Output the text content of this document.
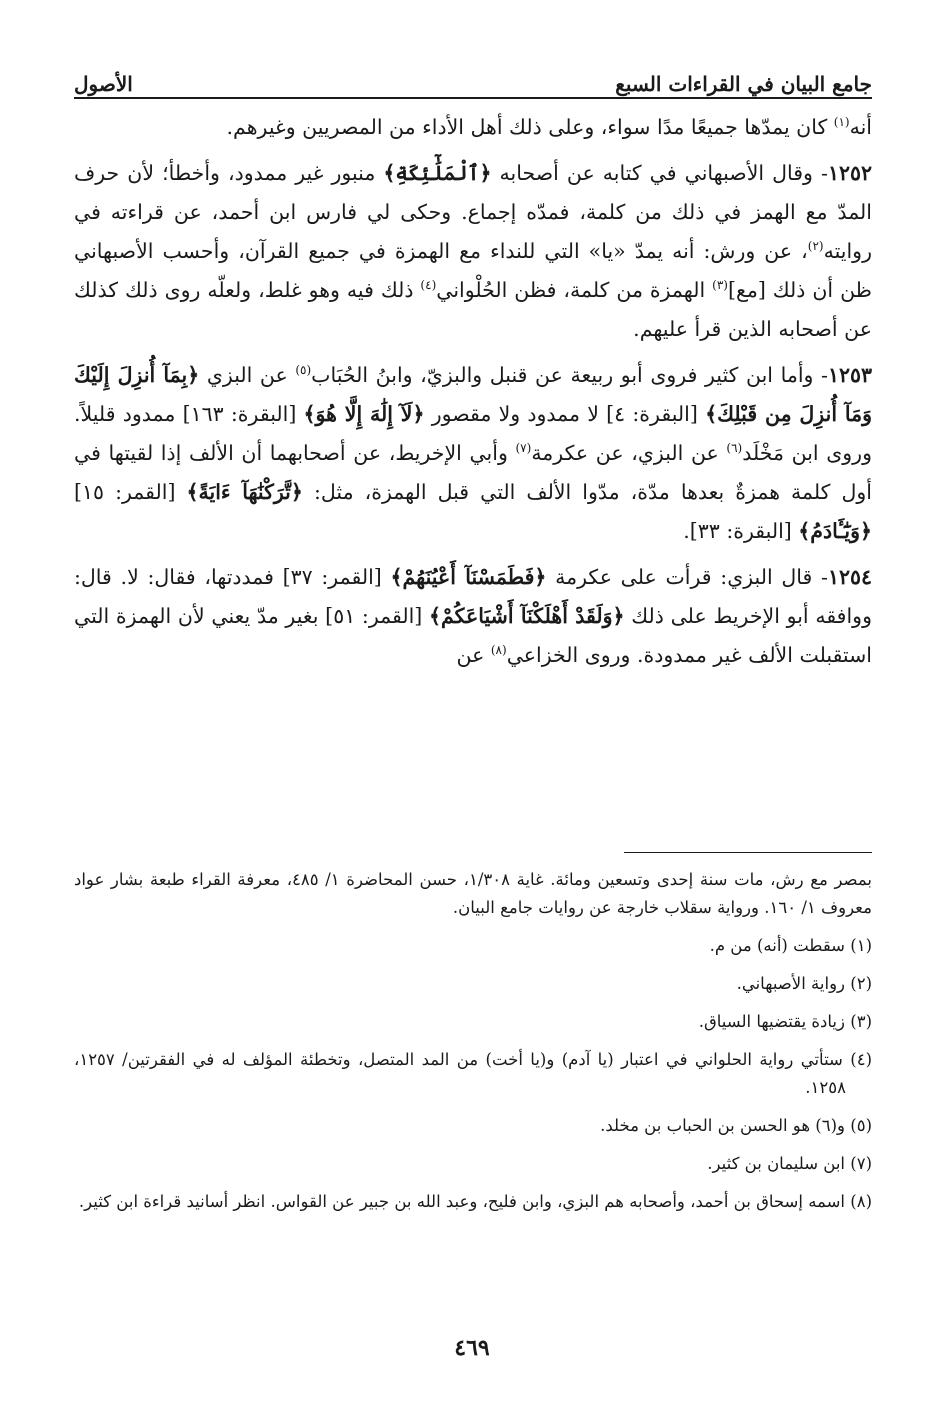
جامع البيان في القراءات السبع
الأصول

أنه$^{(١)}$ كان يمدّها جميعًا مدًا سواء، وعلى ذلك أهل الأداء من المصريين وغيرهم.

١٢٥٢- وقال الأصبهاني في كتابه عن أصحابه ﴿ٱلْمَلَٰٓئِكَةِ﴾ منبور غير ممدود، وأخطأ؛ لأن حرف المدّ مع الهمز في ذلك من كلمة، فمدّه إجماع. وحكى لي فارس ابن أحمد، عن قراءته في روايته$^{(٢)}$، عن ورش: أنه يمدّ «يا» التي للنداء مع الهمزة في جميع القرآن، وأحسب الأصبهاني ظن أن ذلك [مع]$^{(٣)}$ الهمزة من كلمة، فظن الحُلْواني$^{(٤)}$ ذلك فيه وهو غلط، ولعلّه روى ذلك كذلك عن أصحابه الذين قرأ عليهم.

١٢٥٣- وأما ابن كثير فروى أبو ربيعة عن قنبل والبزيّ، وابنُ الحُبَاب$^{(٥)}$ عن البزي ﴿بِمَآ أُنزِلَ إِلَيْكَ وَمَآ أُنزِلَ مِن قَبْلِكَ﴾ [البقرة: ٤] لا ممدود ولا مقصور ﴿لَآ إِلَٰهَ إِلَّا هُوَ﴾ [البقرة: ١٦٣] ممدود قليلاً. وروى ابن مَخْلَد$^{(٦)}$ عن البزي، عن عكرمة$^{(٧)}$ وأبي الإخريط، عن أصحابهما أن الألف إذا لقيتها في أول كلمة همزةٌ بعدها مدّة، مدّوا الألف التي قبل الهمزة، مثل: ﴿تَّرَكْنَٰهَآ ءَايَةً﴾ [القمر: ١٥] ﴿وَيَٰٓـَٔادَمُ﴾ [البقرة: ٣٣].

١٢٥٤- قال البزي: قرأت على عكرمة ﴿فَطَمَسْنَآ أَعْيُنَهُمْ﴾ [القمر: ٣٧] فمددتها، فقال: لا. قال: ووافقه أبو الإخريط على ذلك ﴿وَلَقَدْ أَهْلَكْنَآ أَشْيَاعَكُمْ﴾ [القمر: ٥١] بغير مدّ يعني لأن الهمزة التي استقبلت الألف غير ممدودة. وروى الخزاعي$^{(٨)}$ عن

بمصر مع رش، مات سنة إحدى وتسعين ومائة. غاية ١/٣٠٨، حسن المحاضرة ١/ ٤٨٥، معرفة القراء طبعة بشار عواد معروف ١/ ١٦٠. ورواية سقلاب خارجة عن روايات جامع البيان.

(١) سقطت (أنه) من م.

(٢) رواية الأصبهاني.

(٣) زيادة يقتضيها السياق.

(٤) ستأتي رواية الحلواني في اعتبار (يا آدم) و(يا أخت) من المد المتصل، وتخطئة المؤلف له في الفقرتين/ ١٢٥٧، ١٢٥٨.

(٥) و(٦) هو الحسن بن الحباب بن مخلد.

(٧) ابن سليمان بن كثير.

(٨) اسمه إسحاق بن أحمد، وأصحابه هم البزي، وابن فليح، وعبد الله بن جبير عن القواس. انظر أسانيد قراءة ابن كثير.

٤٦٩
